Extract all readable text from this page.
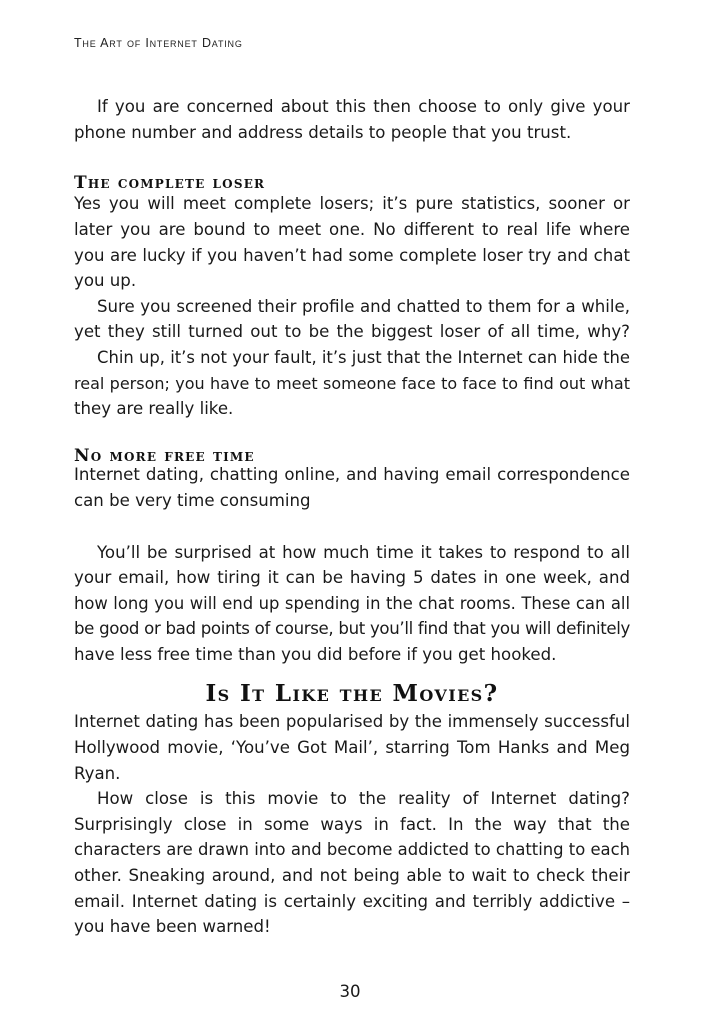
The Art of Internet Dating
If you are concerned about this then choose to only give your
phone number and address details to people that you trust.
The complete loser
Yes you will meet complete losers; it’s pure statistics, sooner or
later you are bound to meet one. No different to real life where
you are lucky if you haven’t had some complete loser try and chat
you up.
Sure you screened their profile and chatted to them for a while,
yet they still turned out to be the biggest loser of all time, why?
Chin up, it’s not your fault, it’s just that the Internet can hide the
real person; you have to meet someone face to face to find out what
they are really like.
No more free time
Internet dating, chatting online, and having email correspondence
can be very time consuming
You’ll be surprised at how much time it takes to respond to all
your email, how tiring it can be having 5 dates in one week, and
how long you will end up spending in the chat rooms. These can all
be good or bad points of course, but you’ll find that you will definitely
have less free time than you did before if you get hooked.
Is It Like the Movies?
Internet dating has been popularised by the immensely successful
Hollywood movie, ‘You’ve Got Mail’, starring Tom Hanks and Meg
Ryan.
How close is this movie to the reality of Internet dating?
Surprisingly close in some ways in fact. In the way that the
characters are drawn into and become addicted to chatting to each
other. Sneaking around, and not being able to wait to check their
email. Internet dating is certainly exciting and terribly addictive –
you have been warned!
30
